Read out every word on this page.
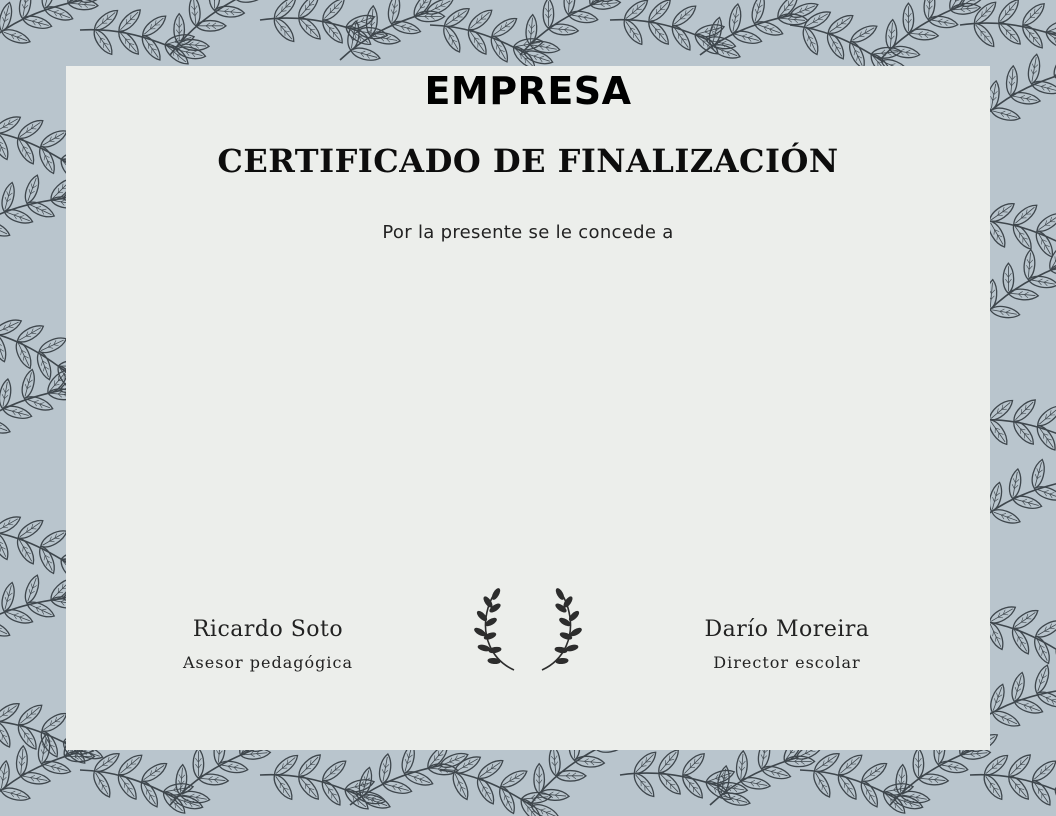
EMPRESA
CERTIFICADO DE FINALIZACIÓN
Por la presente se le concede a
Ricardo Soto
Asesor pedagógica
Darío Moreira
Director escolar
